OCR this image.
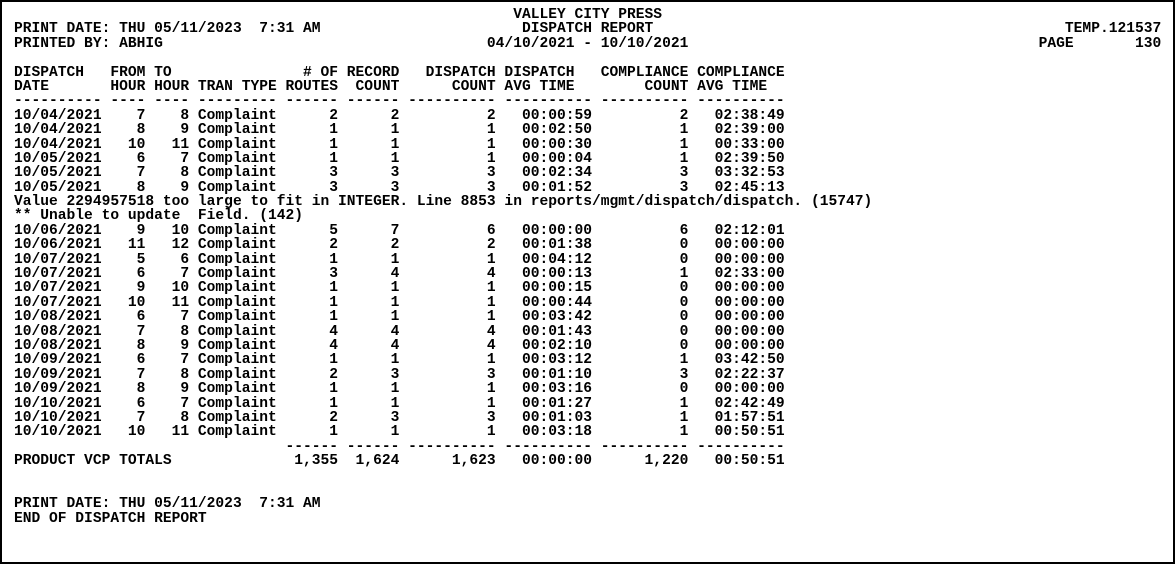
VALLEY CITY PRESS
PRINT DATE: THU 05/11/2023  7:31 AM                       DISPATCH REPORT                                               TEMP.121537
PRINTED BY: ABHIG                                     04/10/2021 - 10/10/2021                                        PAGE       130

DISPATCH   FROM TO               # OF RECORD   DISPATCH DISPATCH   COMPLIANCE COMPLIANCE
DATE       HOUR HOUR TRAN TYPE ROUTES  COUNT      COUNT AVG TIME        COUNT AVG TIME
---------- ---- ---- --------- ------ ------ ---------- ---------- ---------- ----------
10/04/2021    7    8 Complaint      2      2          2   00:00:59          2   02:38:49
10/04/2021    8    9 Complaint      1      1          1   00:02:50          1   02:39:00
10/04/2021   10   11 Complaint      1      1          1   00:00:30          1   00:33:00
10/05/2021    6    7 Complaint      1      1          1   00:00:04          1   02:39:50
10/05/2021    7    8 Complaint      3      3          3   00:02:34          3   03:32:53
10/05/2021    8    9 Complaint      3      3          3   00:01:52          3   02:45:13
Value 2294957518 too large to fit in INTEGER. Line 8853 in reports/mgmt/dispatch/dispatch. (15747)
** Unable to update  Field. (142)
10/06/2021    9   10 Complaint      5      7          6   00:00:00          6   02:12:01
10/06/2021   11   12 Complaint      2      2          2   00:01:38          0   00:00:00
10/07/2021    5    6 Complaint      1      1          1   00:04:12          0   00:00:00
10/07/2021    6    7 Complaint      3      4          4   00:00:13          1   02:33:00
10/07/2021    9   10 Complaint      1      1          1   00:00:15          0   00:00:00
10/07/2021   10   11 Complaint      1      1          1   00:00:44          0   00:00:00
10/08/2021    6    7 Complaint      1      1          1   00:03:42          0   00:00:00
10/08/2021    7    8 Complaint      4      4          4   00:01:43          0   00:00:00
10/08/2021    8    9 Complaint      4      4          4   00:02:10          0   00:00:00
10/09/2021    6    7 Complaint      1      1          1   00:03:12          1   03:42:50
10/09/2021    7    8 Complaint      2      3          3   00:01:10          3   02:22:37
10/09/2021    8    9 Complaint      1      1          1   00:03:16          0   00:00:00
10/10/2021    6    7 Complaint      1      1          1   00:01:27          1   02:42:49
10/10/2021    7    8 Complaint      2      3          3   00:01:03          1   01:57:51
10/10/2021   10   11 Complaint      1      1          1   00:03:18          1   00:50:51
------ ------ ---------- ---------- ---------- ----------
PRODUCT VCP TOTALS              1,355  1,624      1,623   00:00:00      1,220   00:50:51

PRINT DATE: THU 05/11/2023  7:31 AM
END OF DISPATCH REPORT
